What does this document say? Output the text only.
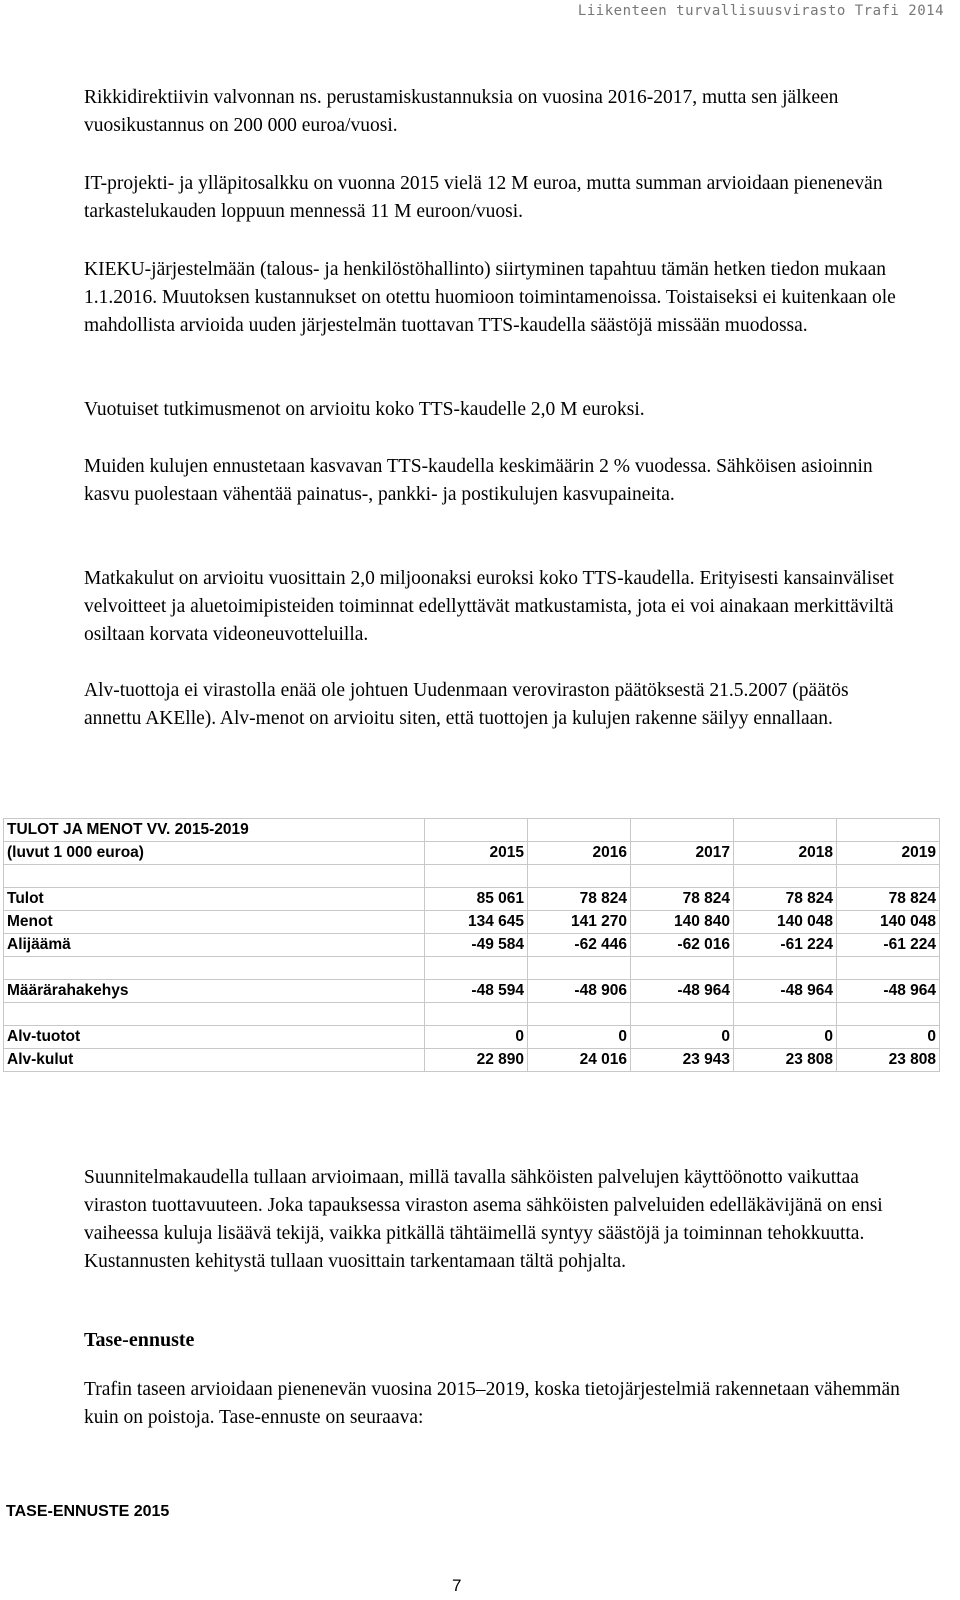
Liikenteen turvallisuusvirasto Trafi 2014

Rikkidirektiivin valvonnan ns. perustamiskustannuksia on vuosina 2016-2017, mutta sen jälkeen vuosikustannus on 200 000 euroa/vuosi.

IT-projekti- ja ylläpitosalkku on vuonna 2015 vielä 12 M euroa, mutta summan arvioidaan pienenevän tarkastelukauden loppuun mennessä 11 M euroon/vuosi.

KIEKU-järjestelmään (talous- ja henkilöstöhallinto) siirtyminen tapahtuu tämän hetken tiedon mukaan 1.1.2016. Muutoksen kustannukset on otettu huomioon toimintamenoissa. Toistaiseksi ei kuitenkaan ole mahdollista arvioida uuden järjestelmän tuottavan TTS-kaudella säästöjä missään muodossa.

Vuotuiset tutkimusmenot on arvioitu koko TTS-kaudelle 2,0 M euroksi.

Muiden kulujen ennustetaan kasvavan TTS-kaudella keskimäärin 2 % vuodessa. Sähköisen asioinnin kasvu puolestaan vähentää painatus-, pankki- ja postikulujen kasvupaineita.

Matkakulut on arvioitu vuosittain 2,0 miljoonaksi euroksi koko TTS-kaudella. Erityisesti kansainväliset velvoitteet ja aluetoimipisteiden toiminnat edellyttävät matkustamista, jota ei voi ainakaan merkittäviltä osiltaan korvata videoneuvotteluilla.

Alv-tuottoja ei virastolla enää ole johtuen Uudenmaan veroviraston päätöksestä 21.5.2007 (päätös annettu AKElle). Alv-menot on arvioitu siten, että tuottojen ja kulujen rakenne säilyy ennallaan.

TULOT JA MENOT VV. 2015-2019					
(luvut 1 000 euroa)	2015	2016	2017	2018	2019

Tulot	85 061	78 824	78 824	78 824	78 824
Menot	134 645	141 270	140 840	140 048	140 048
Alijäämä	-49 584	-62 446	-62 016	-61 224	-61 224

Määrärahakehys	-48 594	-48 906	-48 964	-48 964	-48 964

Alv-tuotot	0	0	0	0	0
Alv-kulut	22 890	24 016	23 943	23 808	23 808

Suunnitelmakaudella tullaan arvioimaan, millä tavalla sähköisten palvelujen käyttöönotto vaikuttaa viraston tuottavuuteen. Joka tapauksessa viraston asema sähköisten palveluiden edelläkävijänä on ensi vaiheessa kuluja lisäävä tekijä, vaikka pitkällä tähtäimellä syntyy säästöjä ja toiminnan tehokkuutta. Kustannusten kehitystä tullaan vuosittain tarkentamaan tältä pohjalta.

Tase-ennuste

Trafin taseen arvioidaan pienenevän vuosina 2015–2019, koska tietojärjestelmiä rakennetaan vähemmän kuin on poistoja. Tase-ennuste on seuraava:

TASE-ENNUSTE 2015
7
